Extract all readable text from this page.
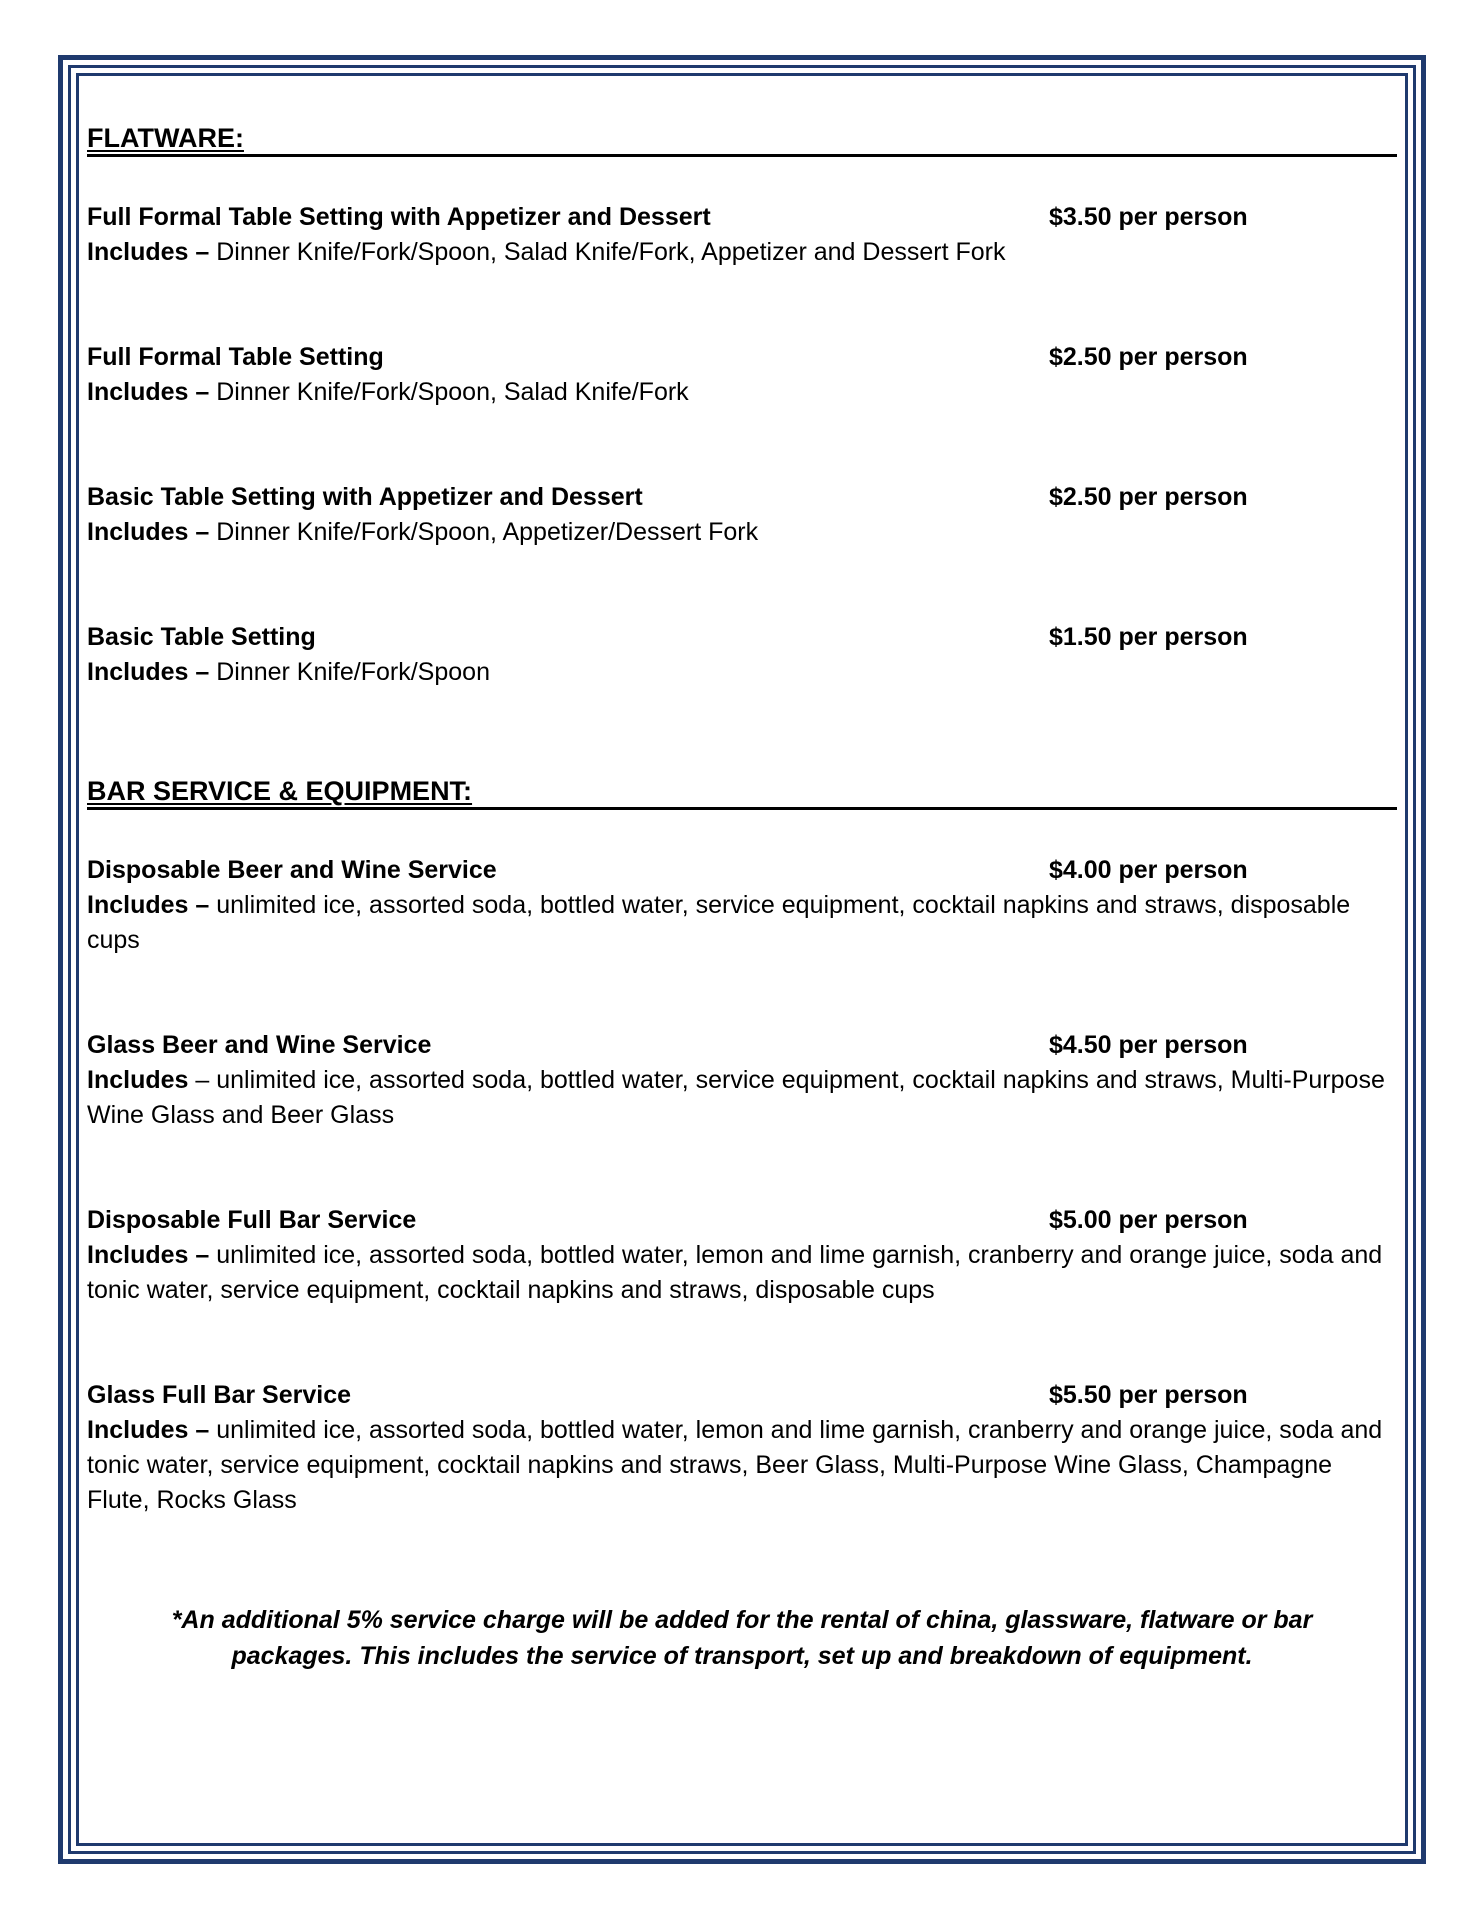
FLATWARE:
Full Formal Table Setting with Appetizer and Dessert	$3.50 per person
Includes – Dinner Knife/Fork/Spoon, Salad Knife/Fork, Appetizer and Dessert Fork
Full Formal Table Setting	$2.50 per person
Includes – Dinner Knife/Fork/Spoon, Salad Knife/Fork
Basic Table Setting with Appetizer and Dessert	$2.50 per person
Includes – Dinner Knife/Fork/Spoon, Appetizer/Dessert Fork
Basic Table Setting	$1.50 per person
Includes – Dinner Knife/Fork/Spoon
BAR SERVICE & EQUIPMENT:
Disposable Beer and Wine Service	$4.00 per person
Includes – unlimited ice, assorted soda, bottled water, service equipment, cocktail napkins and straws, disposable cups
Glass Beer and Wine Service	$4.50 per person
Includes – unlimited ice, assorted soda, bottled water, service equipment, cocktail napkins and straws, Multi-Purpose Wine Glass and Beer Glass
Disposable Full Bar Service	$5.00 per person
Includes – unlimited ice, assorted soda, bottled water, lemon and lime garnish, cranberry and orange juice, soda and tonic water, service equipment, cocktail napkins and straws, disposable cups
Glass Full Bar Service	$5.50 per person
Includes – unlimited ice, assorted soda, bottled water, lemon and lime garnish, cranberry and orange juice, soda and tonic water, service equipment, cocktail napkins and straws, Beer Glass, Multi-Purpose Wine Glass, Champagne Flute, Rocks Glass
*An additional 5% service charge will be added for the rental of china, glassware, flatware or bar packages. This includes the service of transport, set up and breakdown of equipment.
